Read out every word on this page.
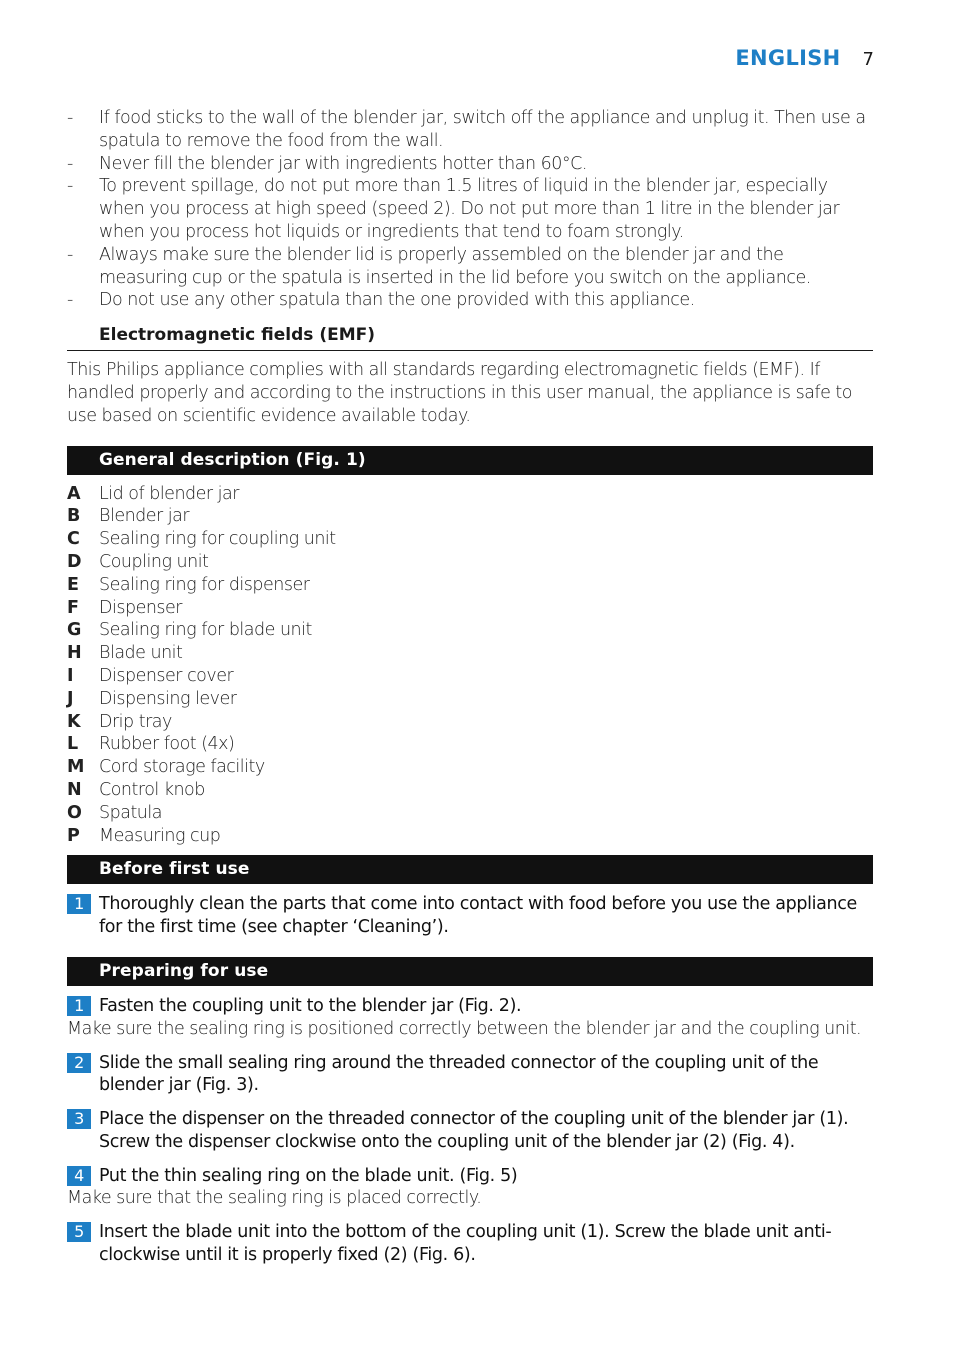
ENGLISH 7
-	If food sticks to the wall of the blender jar, switch off the appliance and unplug it. Then use a spatula to remove the food from the wall.
-	Never fill the blender jar with ingredients hotter than 60°C.
-	To prevent spillage, do not put more than 1.5 litres of liquid in the blender jar, especially when you process at high speed (speed 2). Do not put more than 1 litre in the blender jar when you process hot liquids or ingredients that tend to foam strongly.
-	Always make sure the blender lid is properly assembled on the blender jar and the measuring cup or the spatula is inserted in the lid before you switch on the appliance.
-	Do not use any other spatula than the one provided with this appliance.
Electromagnetic fields (EMF)
This Philips appliance complies with all standards regarding electromagnetic fields (EMF). If handled properly and according to the instructions in this user manual, the appliance is safe to use based on scientific evidence available today.
General description (Fig. 1)
A	Lid of blender jar
B	Blender jar
C	Sealing ring for coupling unit
D	Coupling unit
E	Sealing ring for dispenser
F	Dispenser
G	Sealing ring for blade unit
H	Blade unit
I	Dispenser cover
J	Dispensing lever
K	Drip tray
L	Rubber foot (4x)
M Cord storage facility
N	Control knob
O	Spatula
P	Measuring cup
Before first use
1 Thoroughly clean the parts that come into contact with food before you use the appliance for the first time (see chapter ‘Cleaning’).
Preparing for use
1 Fasten the coupling unit to the blender jar (Fig. 2).
Make sure the sealing ring is positioned correctly between the blender jar and the coupling unit.
2 Slide the small sealing ring around the threaded connector of the coupling unit of the blender jar (Fig. 3).
3 Place the dispenser on the threaded connector of the coupling unit of the blender jar (1). Screw the dispenser clockwise onto the coupling unit of the blender jar (2) (Fig. 4).
4 Put the thin sealing ring on the blade unit. (Fig. 5)
Make sure that the sealing ring is placed correctly.
5 Insert the blade unit into the bottom of the coupling unit (1). Screw the blade unit anti-clockwise until it is properly fixed (2) (Fig. 6).
